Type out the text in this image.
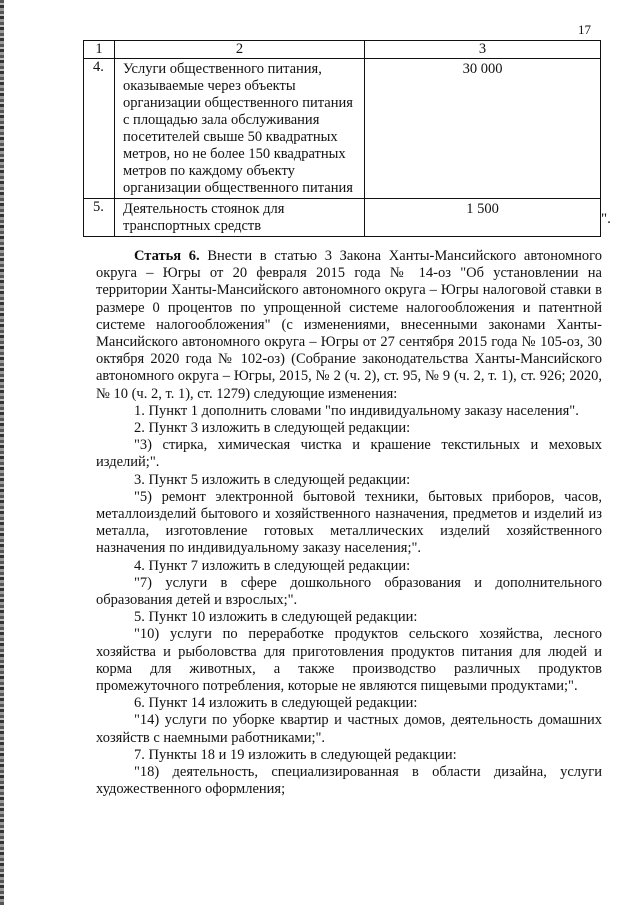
17
1	2	3
4.	Услуги общественного питания, оказываемые через объекты организации общественного питания с площадью зала обслуживания посетителей свыше 50 квадратных метров, но не более 150 квадратных метров по каждому объекту организации общественного питания	30 000
5.	Деятельность стоянок для транспортных средств	1 500
".

Статья 6. Внести в статью 3 Закона Ханты-Мансийского автономного округа – Югры от 20 февраля 2015 года № 14-оз "Об установлении на территории Ханты-Мансийского автономного округа – Югры налоговой ставки в размере 0 процентов по упрощенной системе налогообложения и патентной системе налогообложения" (с изменениями, внесенными законами Ханты-Мансийского автономного округа – Югры от 27 сентября 2015 года № 105-оз, 30 октября 2020 года № 102-оз) (Собрание законодательства Ханты-Мансийского автономного округа – Югры, 2015, № 2 (ч. 2), ст. 95, № 9 (ч. 2, т. 1), ст. 926; 2020, № 10 (ч. 2, т. 1), ст. 1279) следующие изменения:

1. Пункт 1 дополнить словами "по индивидуальному заказу населения".

2. Пункт 3 изложить в следующей редакции:

"3) стирка, химическая чистка и крашение текстильных и меховых изделий;".

3. Пункт 5 изложить в следующей редакции:

"5) ремонт электронной бытовой техники, бытовых приборов, часов, металлоизделий бытового и хозяйственного назначения, предметов и изделий из металла, изготовление готовых металлических изделий хозяйственного назначения по индивидуальному заказу населения;".

4. Пункт 7 изложить в следующей редакции:

"7) услуги в сфере дошкольного образования и дополнительного образования детей и взрослых;".

5. Пункт 10 изложить в следующей редакции:

"10) услуги по переработке продуктов сельского хозяйства, лесного хозяйства и рыболовства для приготовления продуктов питания для людей и корма для животных, а также производство различных продуктов промежуточного потребления, которые не являются пищевыми продуктами;".

6. Пункт 14 изложить в следующей редакции:

"14) услуги по уборке квартир и частных домов, деятельность домашних хозяйств с наемными работниками;".

7. Пункты 18 и 19 изложить в следующей редакции:

"18) деятельность, специализированная в области дизайна, услуги художественного оформления;
